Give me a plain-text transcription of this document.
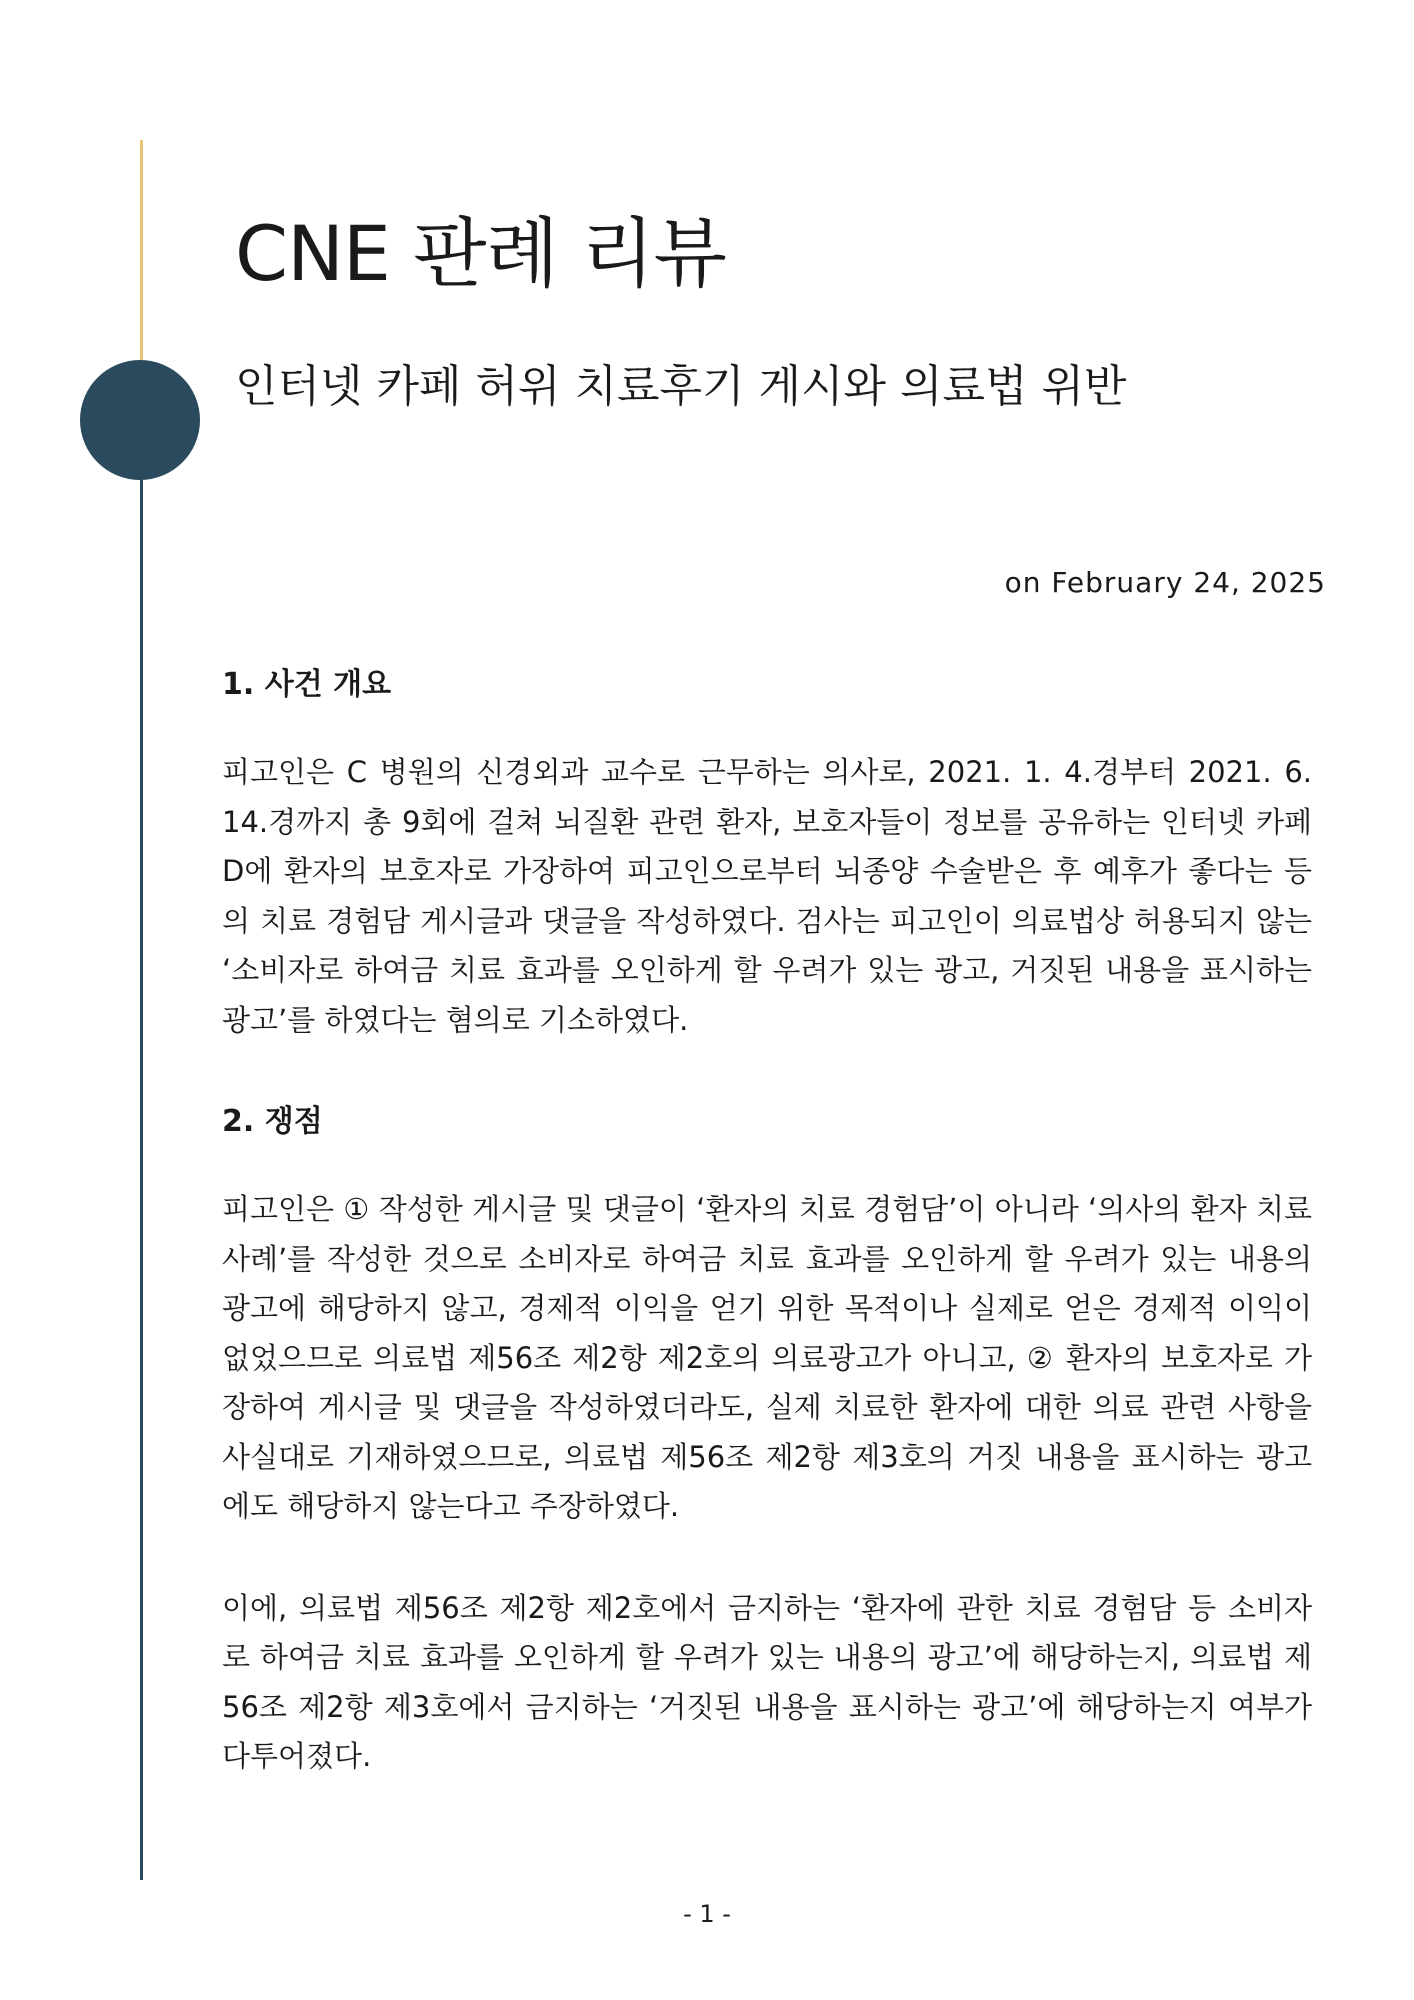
CNE 판례 리뷰
인터넷 카페 허위 치료후기 게시와 의료법 위반
on February 24, 2025
1. 사건 개요

피고인은 C 병원의 신경외과 교수로 근무하는 의사로, 2021. 1. 4.경부터 2021. 6. 14.경까지 총 9회에 걸쳐 뇌질환 관련 환자, 보호자들이 정보를 공유하는 인터넷 카페 D에 환자의 보호자로 가장하여 피고인으로부터 뇌종양 수술받은 후 예후가 좋다는 등의 치료 경험담 게시글과 댓글을 작성하였다. 검사는 피고인이 의료법상 허용되지 않는 ‘소비자로 하여금 치료 효과를 오인하게 할 우려가 있는 광고, 거짓된 내용을 표시하는 광고’를 하였다는 혐의로 기소하였다.

2. 쟁점

피고인은 ① 작성한 게시글 및 댓글이 ‘환자의 치료 경험담’이 아니라 ‘의사의 환자 치료 사례’를 작성한 것으로 소비자로 하여금 치료 효과를 오인하게 할 우려가 있는 내용의 광고에 해당하지 않고, 경제적 이익을 얻기 위한 목적이나 실제로 얻은 경제적 이익이 없었으므로 의료법 제56조 제2항 제2호의 의료광고가 아니고, ② 환자의 보호자로 가장하여 게시글 및 댓글을 작성하였더라도, 실제 치료한 환자에 대한 의료 관련 사항을 사실대로 기재하였으므로, 의료법 제56조 제2항 제3호의 거짓 내용을 표시하는 광고에도 해당하지 않는다고 주장하였다.

이에, 의료법 제56조 제2항 제2호에서 금지하는 ‘환자에 관한 치료 경험담 등 소비자로 하여금 치료 효과를 오인하게 할 우려가 있는 내용의 광고’에 해당하는지, 의료법 제56조 제2항 제3호에서 금지하는 ‘거짓된 내용을 표시하는 광고’에 해당하는지 여부가 다투어졌다.

- 1 -
